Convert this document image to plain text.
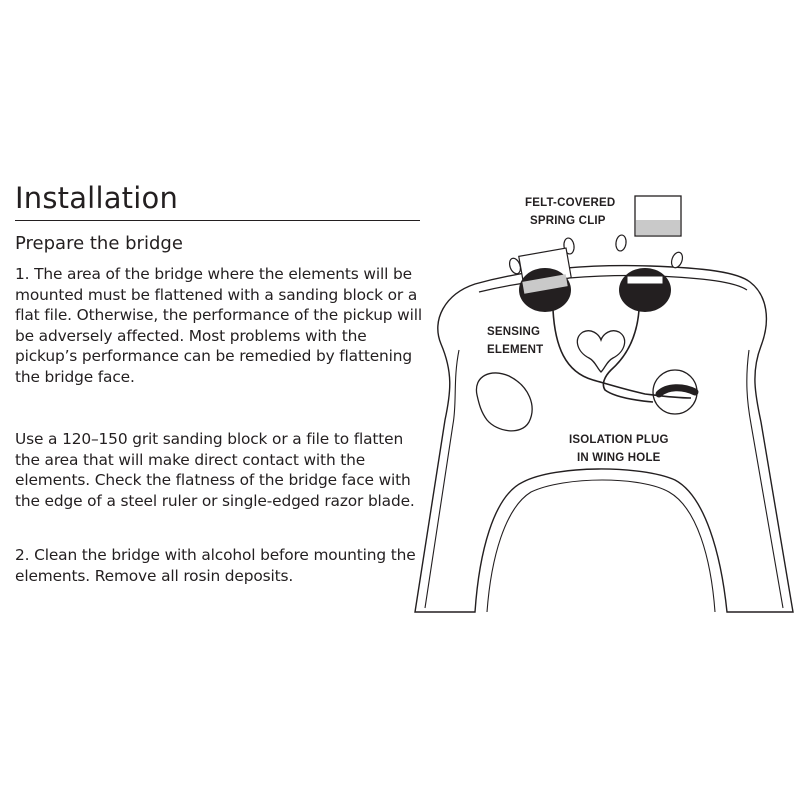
Installation
Prepare the bridge

1. The area of the bridge where the elements will be mounted must be flattened with a sanding block or a flat file. Otherwise, the performance of the pickup will be adversely affected. Most problems with the pickup’s performance can be remedied by flattening the bridge face.

Use a 120–150 grit sanding block or a file to flatten the area that will make direct contact with the elements. Check the flatness of the bridge face with the edge of a steel ruler or single-edged razor blade.

2. Clean the bridge with alcohol before mounting the elements. Remove all rosin deposits.

FELT-COVERED
SPRING CLIP
SENSING
ELEMENT
ISOLATION PLUG
IN WING HOLE
